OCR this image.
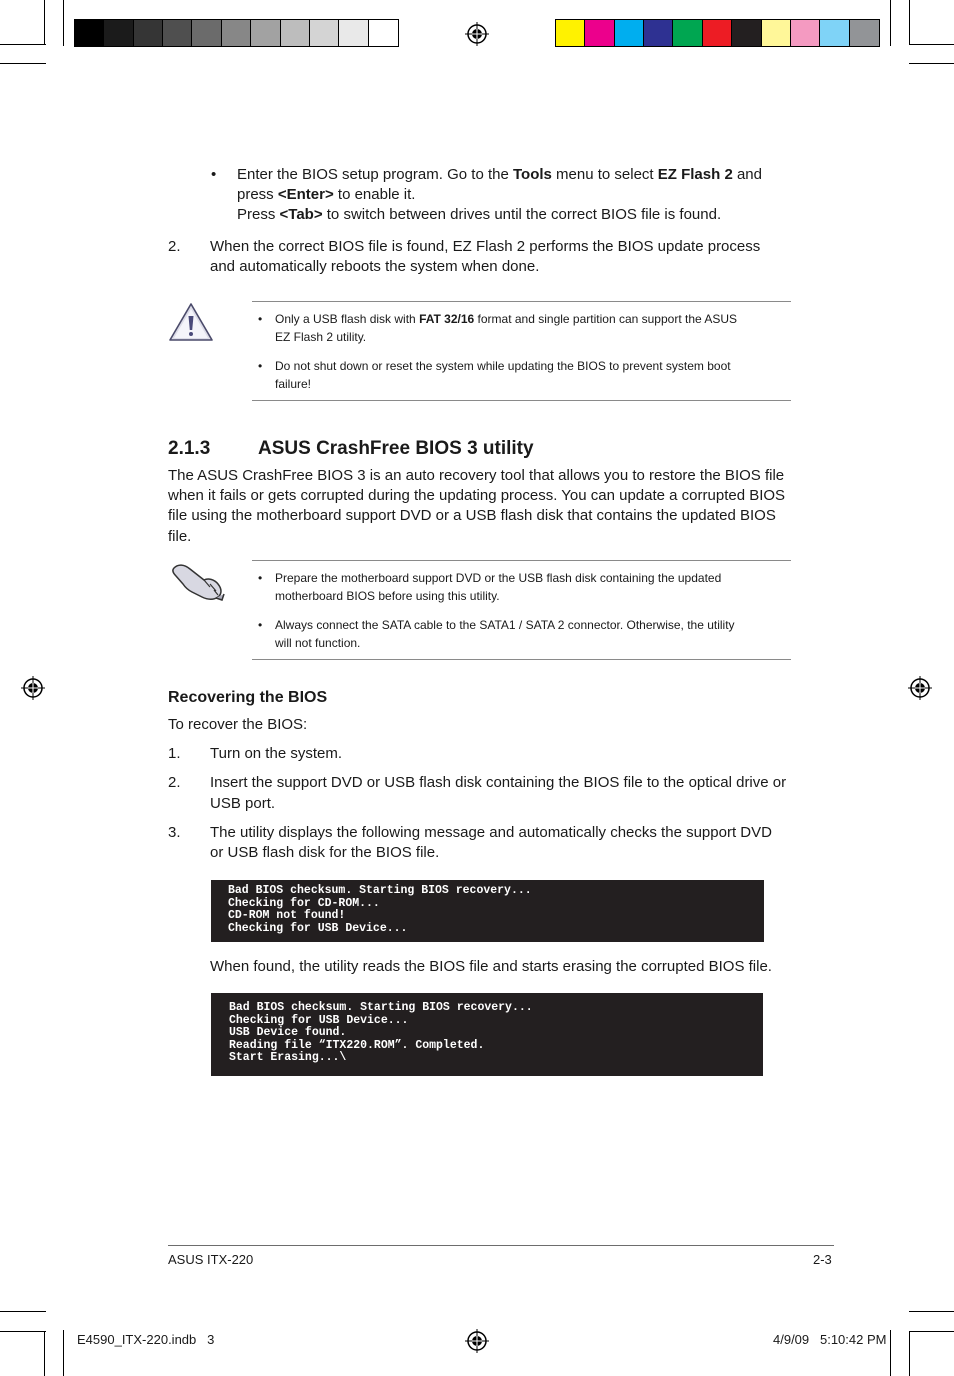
• Enter the BIOS setup program. Go to the Tools menu to select EZ Flash 2 and
press <Enter> to enable it.
Press <Tab> to switch between drives until the correct BIOS file is found.
2. When the correct BIOS file is found, EZ Flash 2 performs the BIOS update process
and automatically reboots the system when done.
• Only a USB flash disk with FAT 32/16 format and single partition can support the ASUS
EZ Flash 2 utility.
• Do not shut down or reset the system while updating the BIOS to prevent system boot
failure!
2.1.3	ASUS CrashFree BIOS 3 utility
The ASUS CrashFree BIOS 3 is an auto recovery tool that allows you to restore the BIOS file
when it fails or gets corrupted during the updating process. You can update a corrupted BIOS
file using the motherboard support DVD or a USB flash disk that contains the updated BIOS
file.
• Prepare the motherboard support DVD or the USB flash disk containing the updated
motherboard BIOS before using this utility.
• Always connect the SATA cable to the SATA1 / SATA 2 connector. Otherwise, the utility
will not function.
Recovering the BIOS
To recover the BIOS:
1. Turn on the system.
2. Insert the support DVD or USB flash disk containing the BIOS file to the optical drive or
USB port.
3. The utility displays the following message and automatically checks the support DVD
or USB flash disk for the BIOS file.
Bad BIOS checksum. Starting BIOS recovery...
Checking for CD-ROM...
CD-ROM not found!
Checking for USB Device...
When found, the utility reads the BIOS file and starts erasing the corrupted BIOS file.
Bad BIOS checksum. Starting BIOS recovery...
Checking for USB Device...
USB Device found.
Reading file “ITX220.ROM”. Completed.
Start Erasing...\
ASUS ITX-220	2-3
E4590_ITX-220.indb   3	4/9/09   5:10:42 PM
